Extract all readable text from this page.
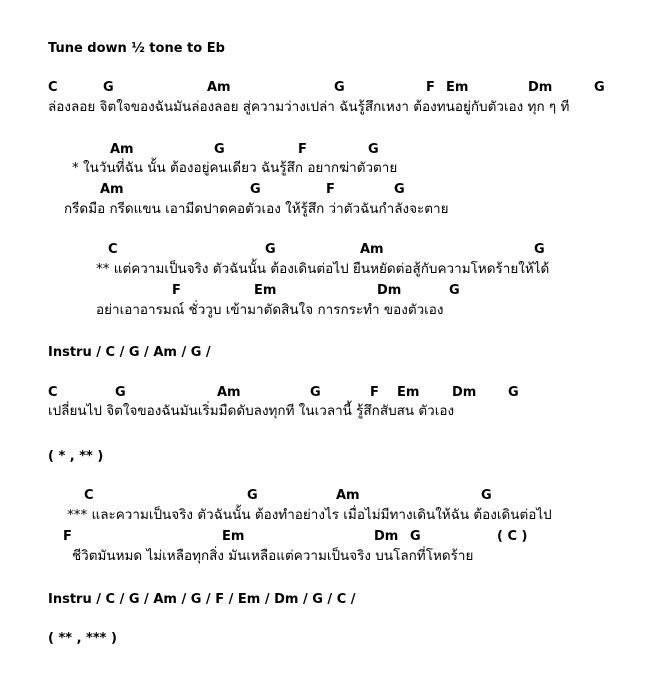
Tune down ½ tone to Eb
C	G	Am	G	F Em	Dm	G
ล่องลอย จิตใจของฉันมันล่องลอย สู่ความว่างเปล่า ฉันรู้สึกเหงา ต้องทนอยู่กับตัวเอง ทุก ๆ ที
Am	G	F	G
* ในวันที่ฉัน นั้น ต้องอยู่คนเดียว ฉันรู้สึก อยากฆ่าตัวตาย
Am	G	F	G
กรีดมือ กรีดแขน เอามีดปาดคอตัวเอง ให้รู้สึก ว่าตัวฉันกำลังจะตาย
C	G	Am	G
** แต่ความเป็นจริง ตัวฉันนั้น ต้องเดินต่อไป ยืนหยัดต่อสู้กับความโหดร้ายให้ได้
F	Em	Dm	G
อย่าเอาอารมณ์ ชั่ววูบ เข้ามาตัดสินใจ การกระทำ ของตัวเอง
Instru / C / G / Am / G /
C	G	Am	G	F Em	Dm G
เปลี่ยนไป จิตใจของฉันมันเริ่มมืดดับลงทุกที ในเวลานี้ รู้สึกสับสน ตัวเอง
( * , ** )
C	G	Am	G
*** และความเป็นจริง ตัวฉันนั้น ต้องทำอย่างไร เมื่อไม่มีทางเดินให้ฉัน ต้องเดินต่อไป
F	Em	Dm G	( C )
ชีวิตมันหมด ไม่เหลือทุกสิ่ง มันเหลือแต่ความเป็นจริง บนโลกที่โหดร้าย
Instru / C / G / Am / G / F / Em / Dm / G / C /
( ** , *** )
